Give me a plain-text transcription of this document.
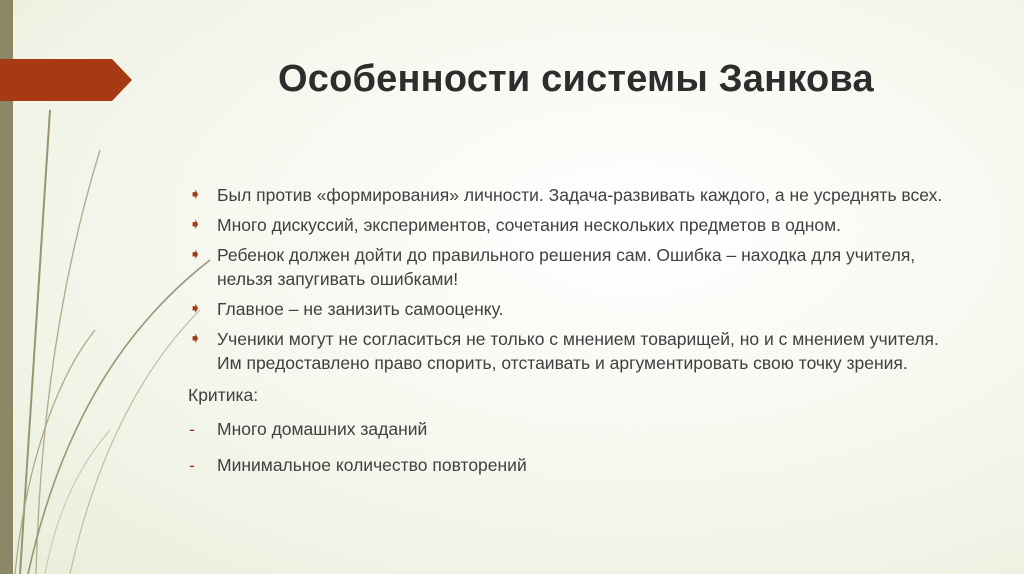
Особенности системы Занкова
➧ Был против «формирования» личности. Задача-развивать каждого, а не усреднять всех.
➧ Много дискуссий, экспериментов, сочетания нескольких предметов в одном.
➧ Ребенок должен дойти до правильного решения сам. Ошибка – находка для учителя, нельзя запугивать ошибками!
➧ Главное – не занизить самооценку.
➧ Ученики могут не согласиться не только с мнением товарищей, но и с мнением учителя. Им предоставлено право спорить, отстаивать и аргументировать свою точку зрения.

Критика:

- Много домашних заданий
- Минимальное количество повторений
